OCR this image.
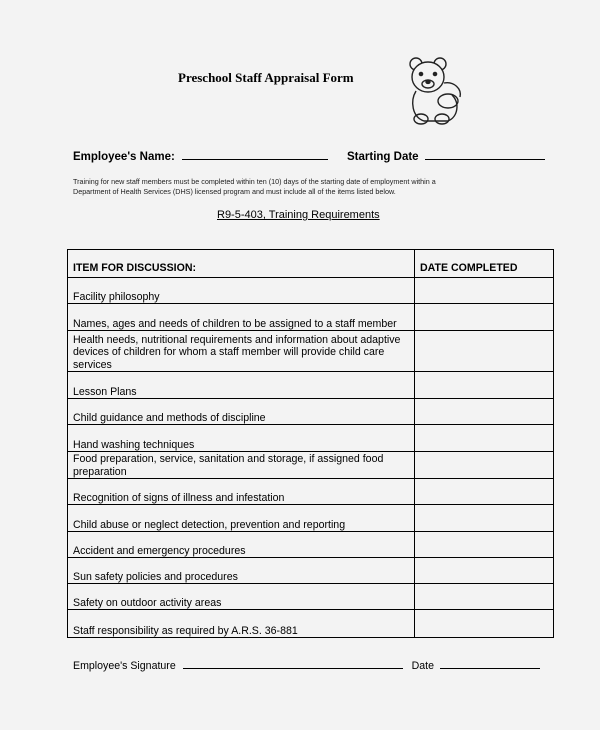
Preschool Staff Appraisal Form
Employee's Name:	Starting Date
Training for new staff members must be completed within ten (10) days of the starting date of employment within a
Department of Health Services (DHS) licensed program and must include all of the items listed below.
R9-5-403, Training Requirements
ITEM FOR DISCUSSION:	DATE COMPLETED
Facility philosophy	
Names, ages and needs of children to be assigned to a staff member	
Health needs, nutritional requirements and information about adaptive devices of children for whom a staff member will provide child care services	
Lesson Plans	
Child guidance and methods of discipline	
Hand washing techniques	
Food preparation, service, sanitation and storage, if assigned food preparation	
Recognition of signs of illness and infestation	
Child abuse or neglect detection, prevention and reporting	
Accident and emergency procedures	
Sun safety policies and procedures	
Safety on outdoor activity areas	
Staff responsibility as required by A.R.S. 36-881	
Employee's Signature	Date
